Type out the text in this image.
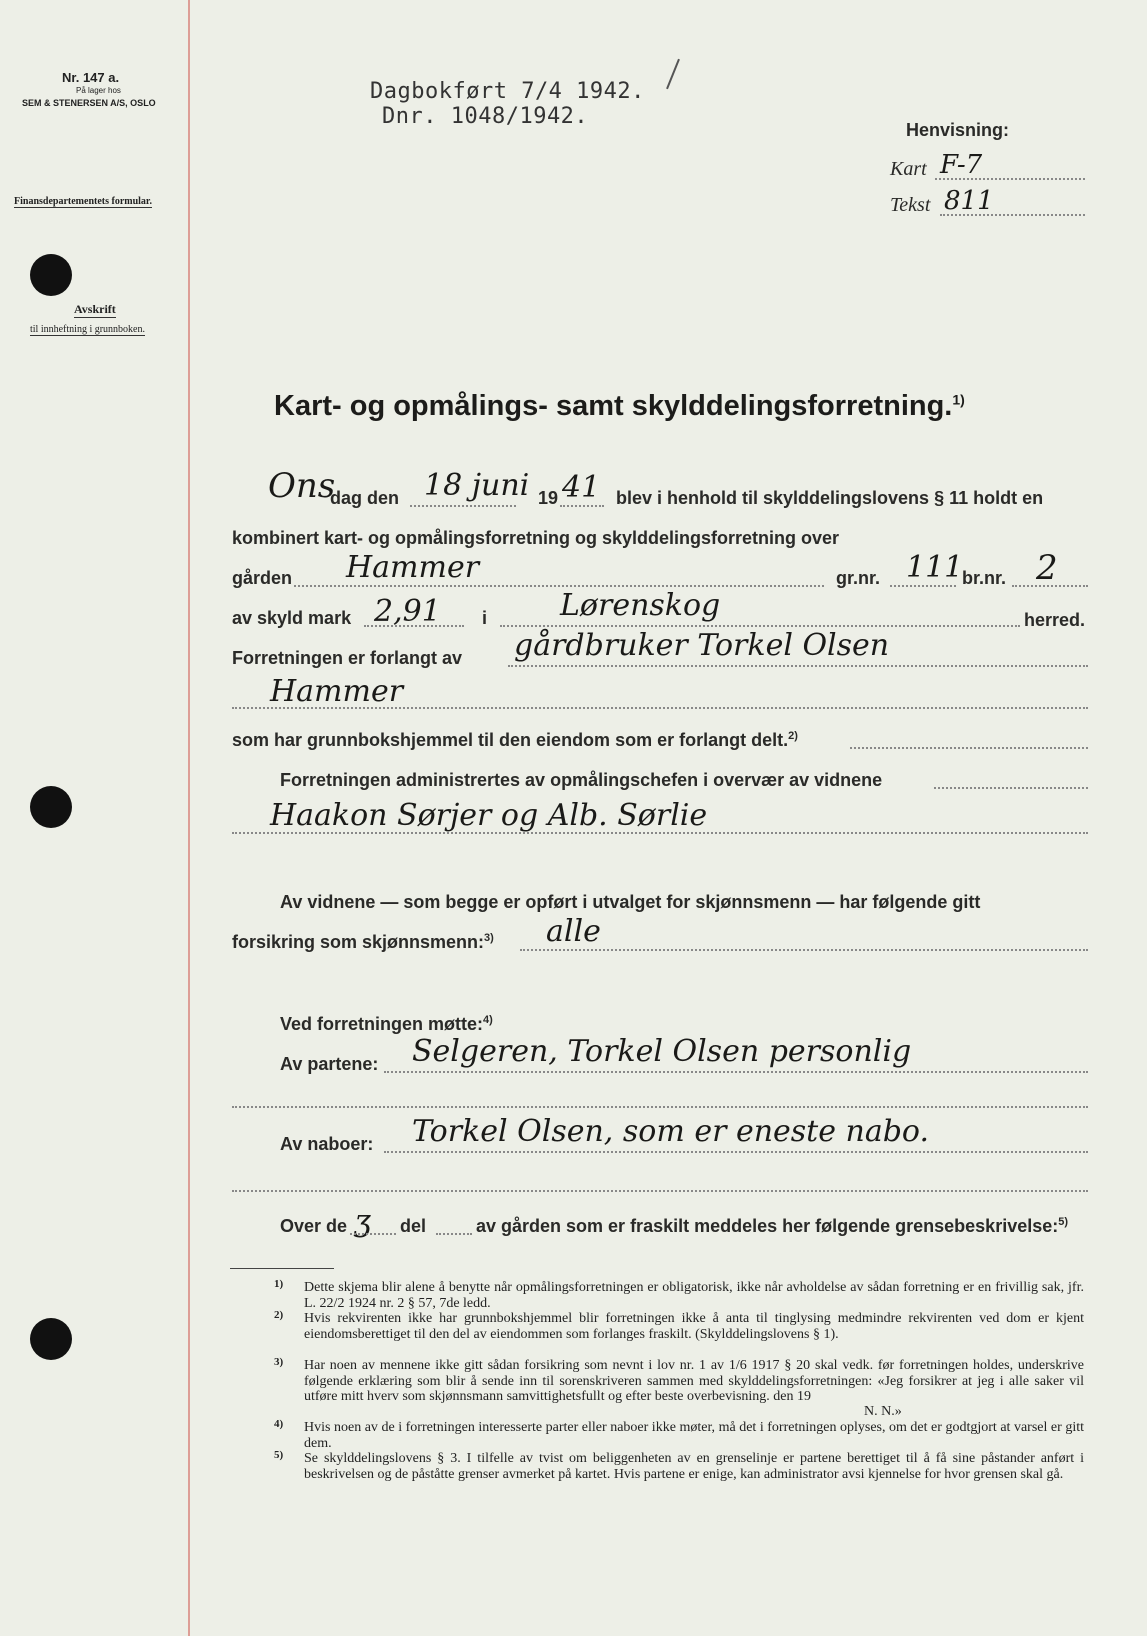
Nr. 147 a.
På lager hos
SEM & STENERSEN A/S, OSLO
Finansdepartementets formular.
Avskrift
til innheftning i grunnboken.
Dagbokført 7/4 1942.
Dnr. 1048/1942.
Henvisning:
Kart F-7
Tekst 811
Kart- og opmålings- samt skylddelingsforretning.$^{1)}$
Ons
dag den 18 juni 19 41 blev i henhold til skylddelingslovens § 11 holdt en
kombinert kart- og opmålingsforretning og skylddelingsforretning over
gården Hammer	gr.nr. 111
br.nr. 2
av skyld mark 2,91 i Lørenskog	herred.
Forretningen er forlangt av gårdbruker Torkel Olsen
Hammer
som har grunnbokshjemmel til den eiendom som er forlangt delt.$^{2)}$
Forretningen administrertes av opmålingschefen i overvær av vidnene
Haakon Sørjer og Alb. Sørlie
Av vidnene — som begge er opført i utvalget for skjønnsmenn — har følgende gitt
forsikring som skjønnsmenn:$^{3)}$ alle
Ved forretningen møtte:$^{4)}$
Av partene: Selgeren, Torkel Olsen personlig
Av naboer: Torkel Olsen, som er eneste nabo.
Over de ʒ del	av gården som er fraskilt meddeles her følgende grensebeskrivelse:$^{5)}$
1) Dette skjema blir alene å benytte når opmålingsforretningen er obligatorisk, ikke når avholdelse av sådan forretning er en frivillig sak, jfr. L. 22/2 1924 nr. 2 § 57, 7de ledd.
2) Hvis rekvirenten ikke har grunnbokshjemmel blir forretningen ikke å anta til tinglysing medmindre rekvirenten ved dom er kjent eiendomsberettiget til den del av eiendommen som forlanges fraskilt. (Skylddelingslovens § 1).
3) Har noen av mennene ikke gitt sådan forsikring som nevnt i lov nr. 1 av 1/6 1917 § 20 skal vedk. før forretningen holdes, underskrive følgende erklæring som blir å sende inn til sorenskriveren sammen med skylddelingsforretningen: «Jeg forsikrer at jeg i alle saker vil utføre mitt hverv som skjønnsmann samvittighetsfullt og efter beste overbevisning. den 19
N. N.»
4) Hvis noen av de i forretningen interesserte parter eller naboer ikke møter, må det i forretningen oplyses, om det er godtgjort at varsel er gitt dem.
5) Se skylddelingslovens § 3. I tilfelle av tvist om beliggenheten av en grenselinje er partene berettiget til å få sine påstander anført i beskrivelsen og de påståtte grenser avmerket på kartet. Hvis partene er enige, kan administrator avsi kjennelse for hvor grensen skal gå.
